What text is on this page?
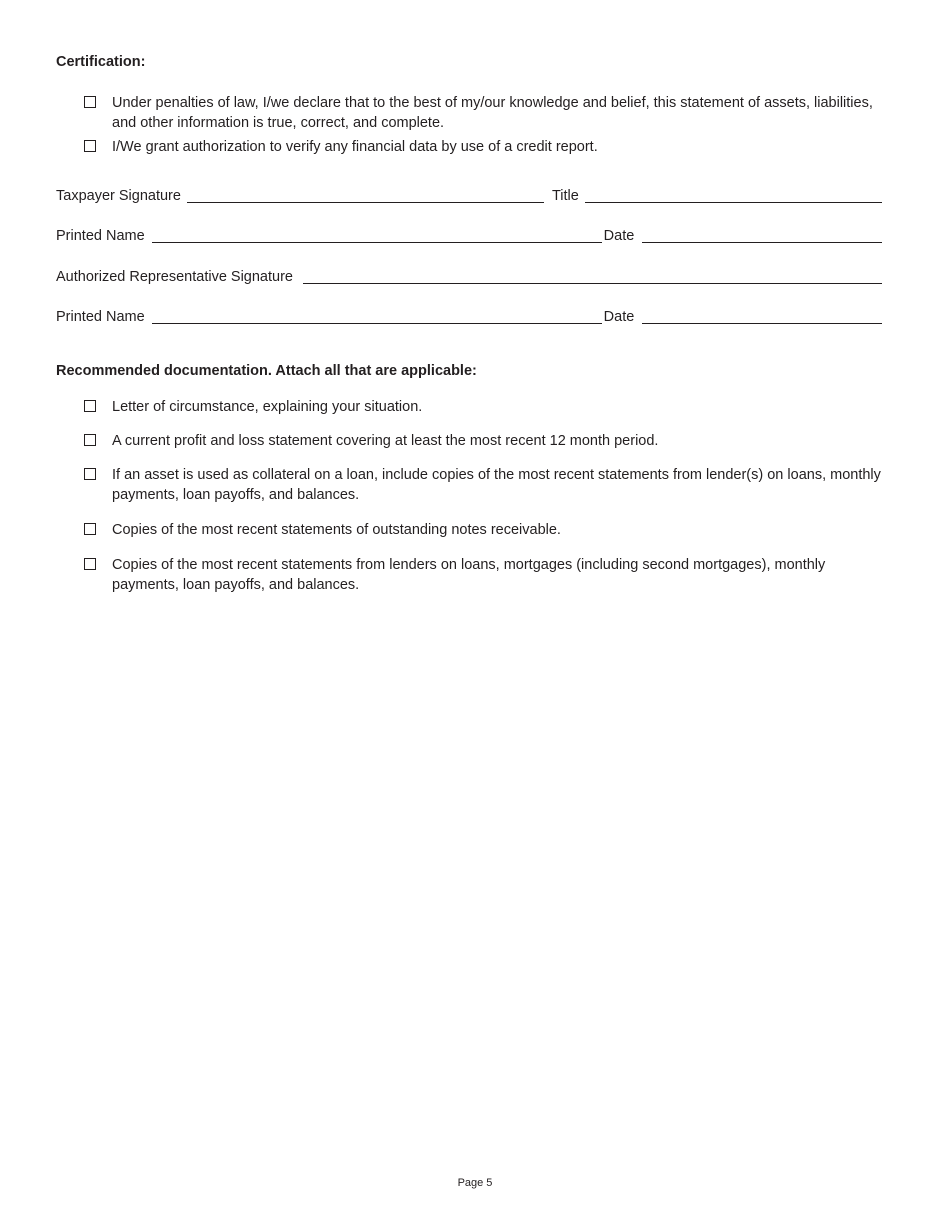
Certification:
Under penalties of law, I/we declare that to the best of my/our knowledge and belief, this statement of assets, liabilities, and other information is true, correct, and complete.
I/We grant authorization to verify any financial data by use of a credit report.
Taxpayer Signature	Title
Printed Name	Date
Authorized Representative Signature
Printed Name	Date
Recommended documentation. Attach all that are applicable:
Letter of circumstance, explaining your situation.
A current profit and loss statement covering at least the most recent 12 month period.
If an asset is used as collateral on a loan, include copies of the most recent statements from lender(s) on loans, monthly payments, loan payoffs, and balances.
Copies of the most recent statements of outstanding notes receivable.
Copies of the most recent statements from lenders on loans, mortgages (including second mortgages), monthly payments, loan payoffs, and balances.
Page 5
